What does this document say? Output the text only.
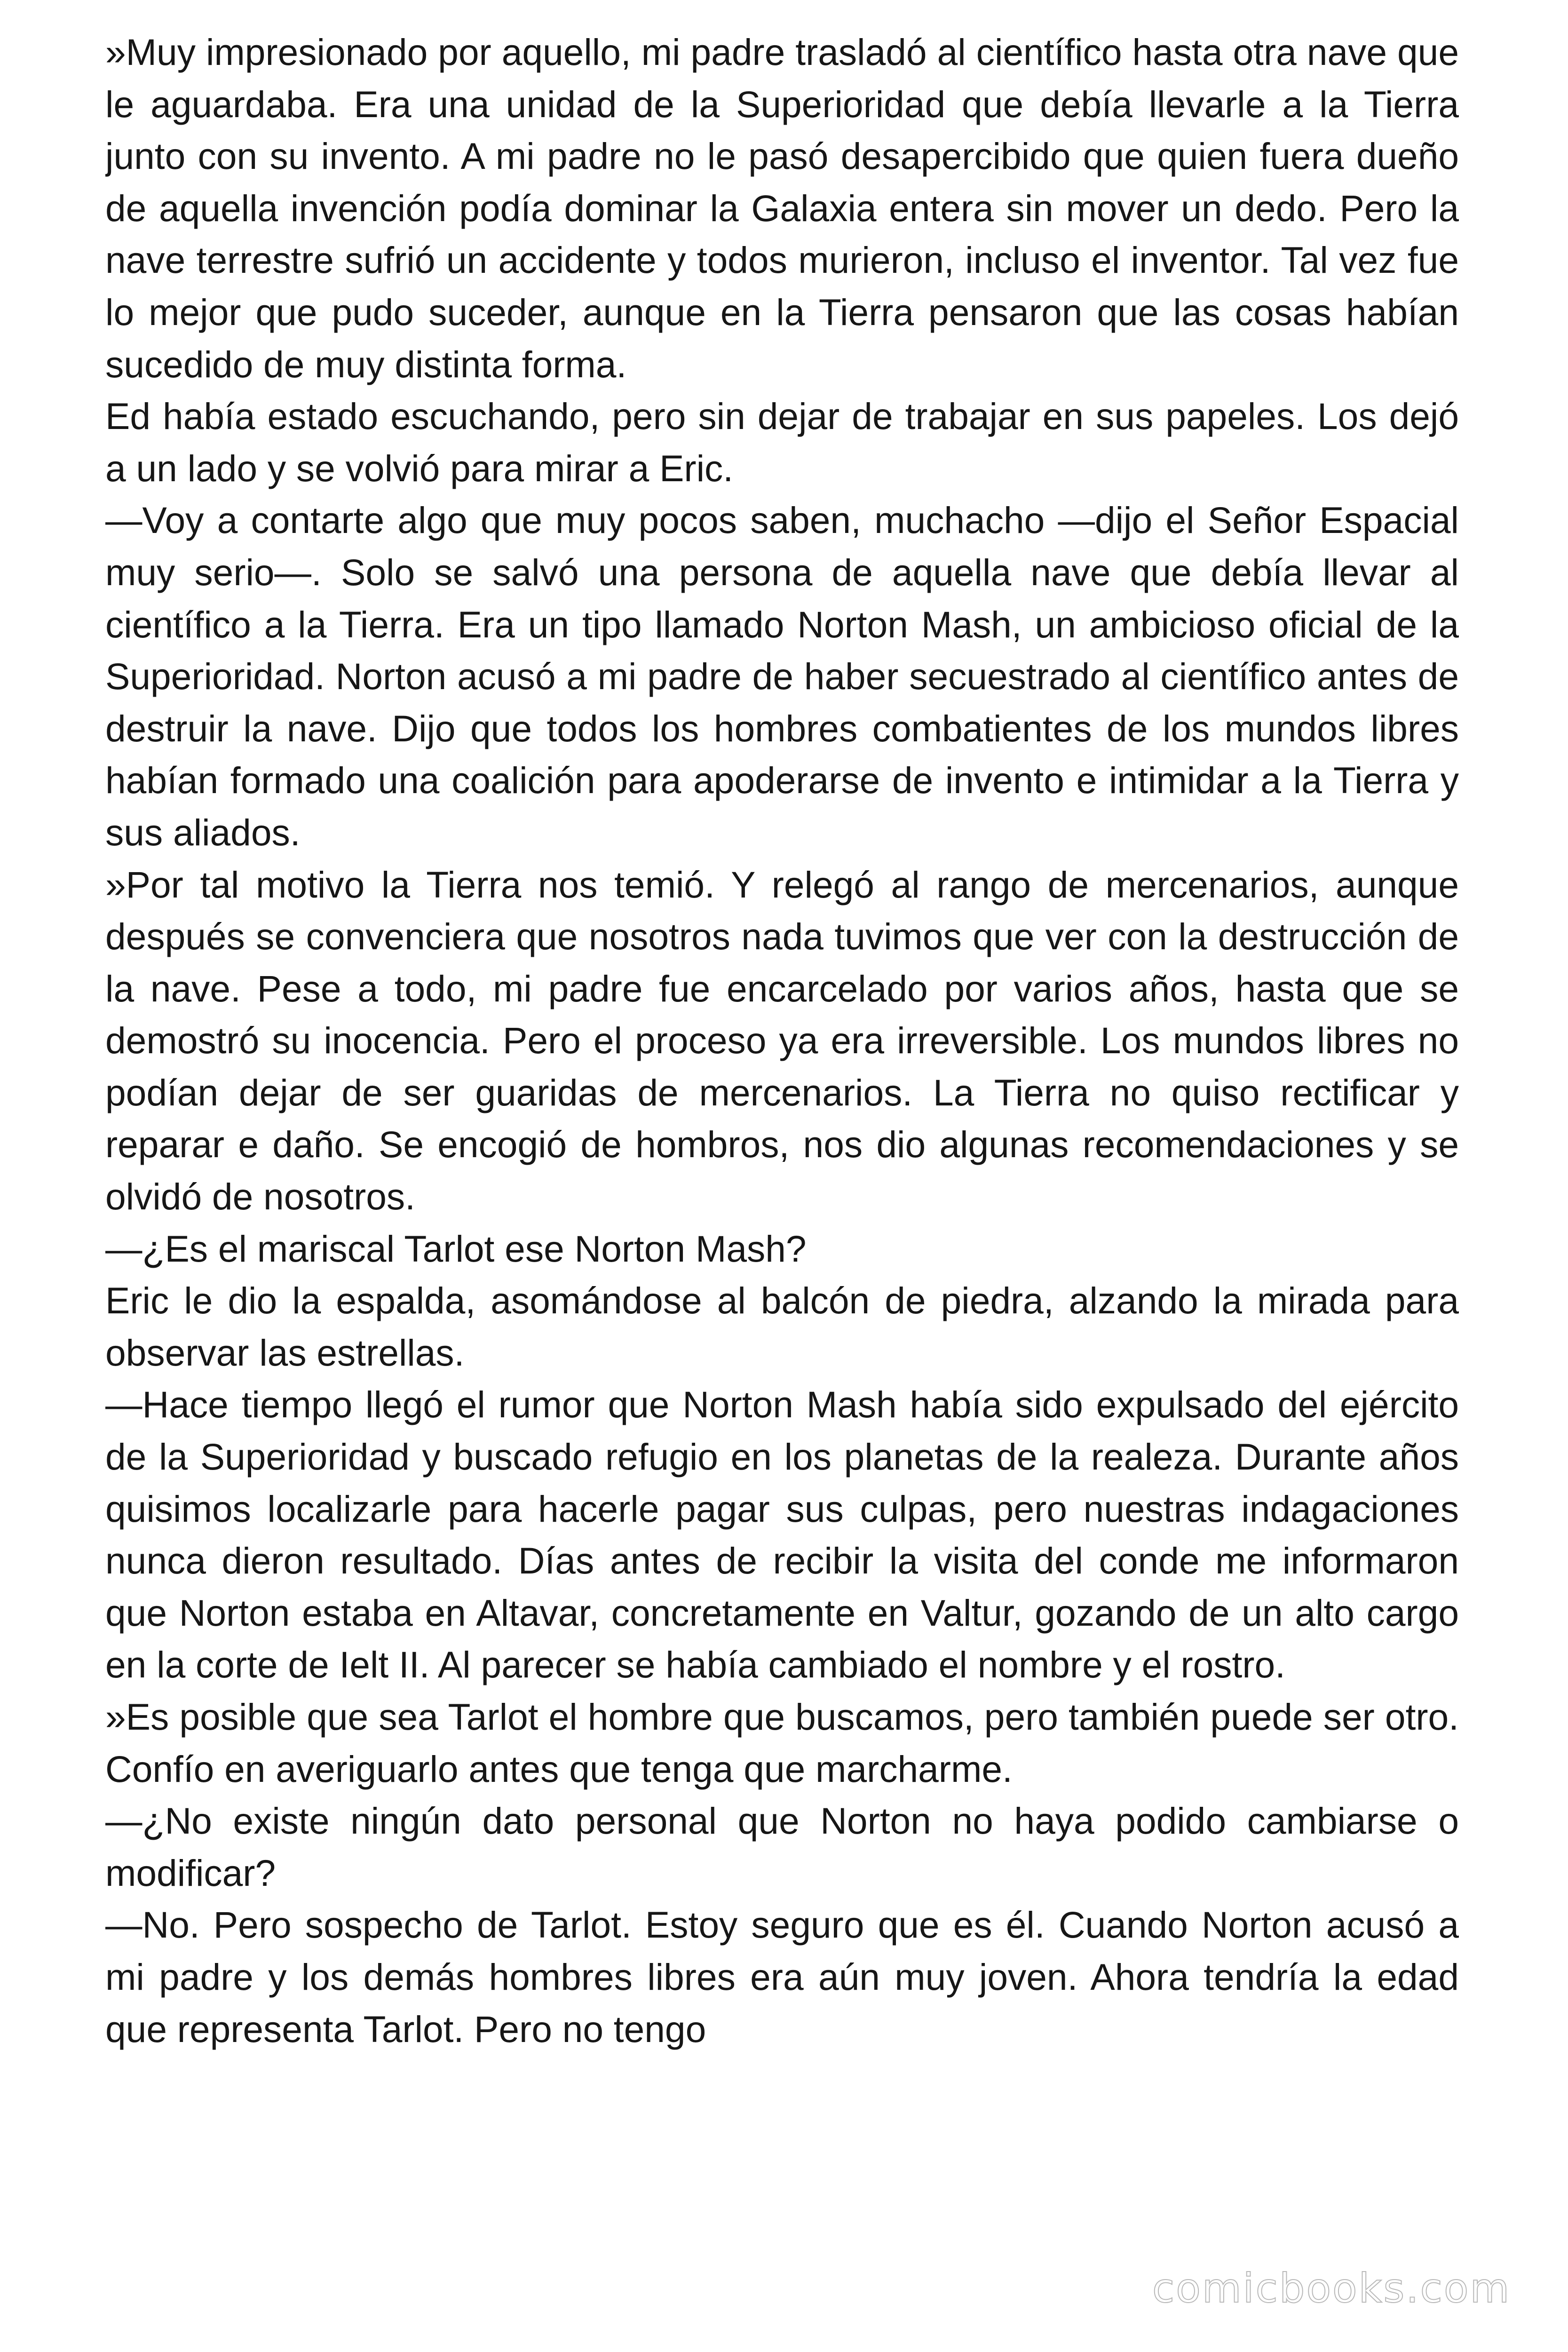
»Muy impresionado por aquello, mi padre trasladó al científico hasta otra nave que le aguardaba. Era una unidad de la Superioridad que debía llevarle a la Tierra junto con su invento. A mi padre no le pasó desapercibido que quien fuera dueño de aquella invención podía dominar la Galaxia entera sin mover un dedo. Pero la nave terrestre sufrió un accidente y todos murieron, incluso el inventor. Tal vez fue lo mejor que pudo suceder, aunque en la Tierra pensaron que las cosas habían sucedido de muy distinta forma.

Ed había estado escuchando, pero sin dejar de trabajar en sus papeles. Los dejó a un lado y se volvió para mirar a Eric.

—Voy a contarte algo que muy pocos saben, muchacho —dijo el Señor Espacial muy serio—. Solo se salvó una persona de aquella nave que debía llevar al científico a la Tierra. Era un tipo llamado Norton Mash, un ambicioso oficial de la Superioridad. Norton acusó a mi padre de haber secuestrado al científico antes de destruir la nave. Dijo que todos los hombres combatientes de los mundos libres habían formado una coalición para apoderarse de invento e intimidar a la Tierra y sus aliados.

»Por tal motivo la Tierra nos temió. Y relegó al rango de mercenarios, aunque después se convenciera que nosotros nada tuvimos que ver con la destrucción de la nave. Pese a todo, mi padre fue encarcelado por varios años, hasta que se demostró su inocencia. Pero el proceso ya era irreversible. Los mundos libres no podían dejar de ser guaridas de mercenarios. La Tierra no quiso rectificar y reparar e daño. Se encogió de hombros, nos dio algunas recomendaciones y se olvidó de nosotros.

—¿Es el mariscal Tarlot ese Norton Mash?

Eric le dio la espalda, asomándose al balcón de piedra, alzando la mirada para observar las estrellas.

—Hace tiempo llegó el rumor que Norton Mash había sido expulsado del ejército de la Superioridad y buscado refugio en los planetas de la realeza. Durante años quisimos localizarle para hacerle pagar sus culpas, pero nuestras indagaciones nunca dieron resultado. Días antes de recibir la visita del conde me informaron que Norton estaba en Altavar, concretamente en Valtur, gozando de un alto cargo en la corte de Ielt II. Al parecer se había cambiado el nombre y el rostro.

»Es posible que sea Tarlot el hombre que buscamos, pero también puede ser otro. Confío en averiguarlo antes que tenga que marcharme.

—¿No existe ningún dato personal que Norton no haya podido cambiarse o modificar?

—No. Pero sospecho de Tarlot. Estoy seguro que es él. Cuando Norton acusó a mi padre y los demás hombres libres era aún muy joven. Ahora tendría la edad que representa Tarlot. Pero no tengo

comicbooks.com
